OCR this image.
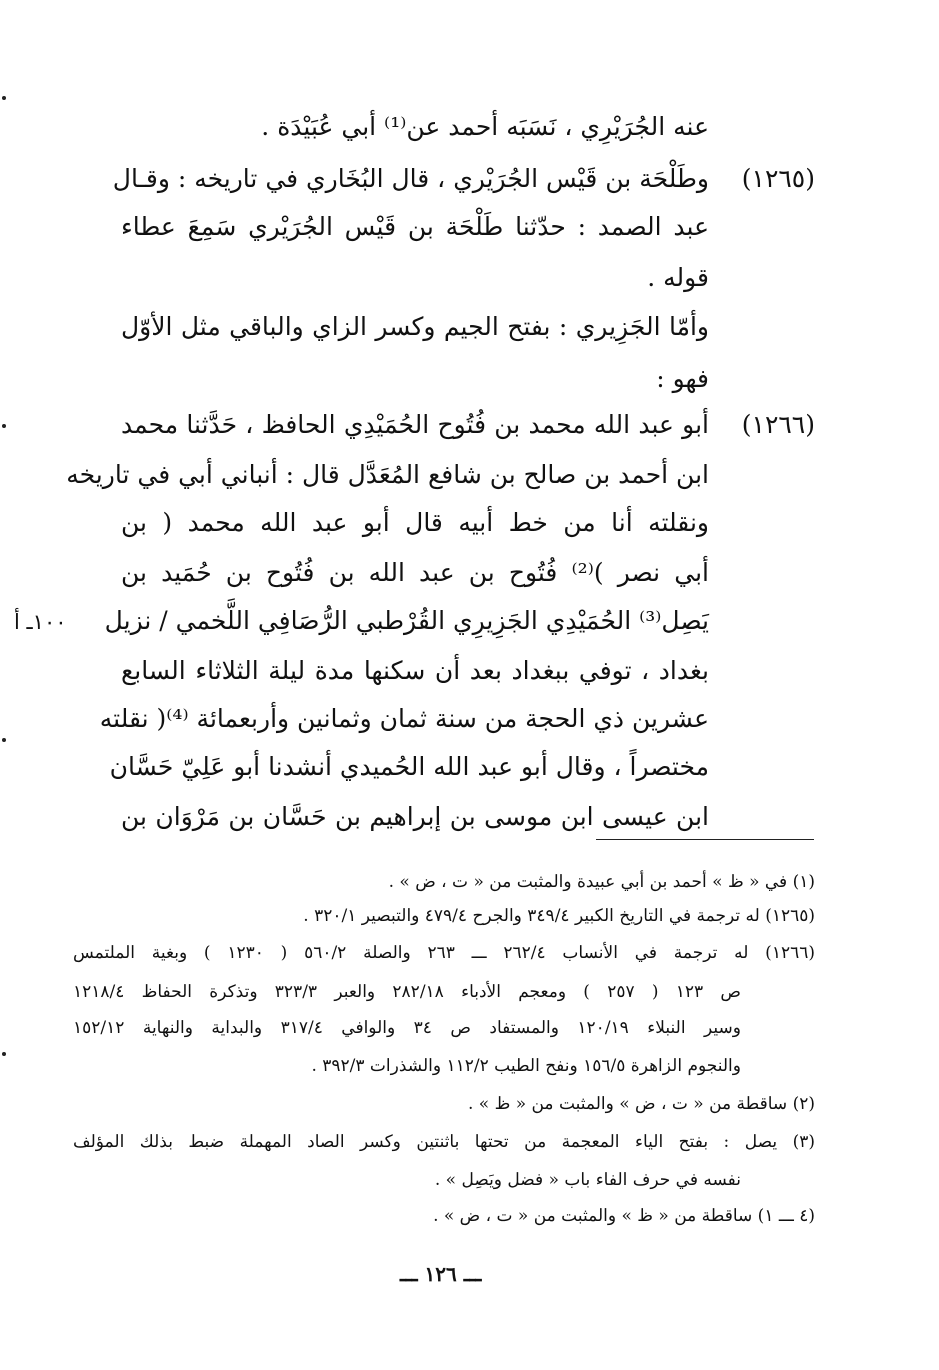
عنه الجُرَيْرِي ، نَسَبَه أحمد عن⁽¹⁾ أبي عُبَيْدَة .
وطَلْحَة بن قَيْس الجُرَيْري ، قال البُخَاري في تاريخه : وقـال
عبد الصمد : حدّثنا طَلْحَة بن قَيْس الجُرَيْري سَمِعَ عطاء
قوله .
وأمّا الجَزِيري : بفتح الجيم وكسر الزاي والباقي مثل الأوّل
فهو :
أبو عبد الله محمد بن فُتُوح الحُمَيْدِي الحافظ ، حَدَّثنا محمد
ابن أحمد بن صالح بن شافع المُعَدَّل قال : أنباني أبي في تاريخه
ونقلته أنا من خط أبيه قال أبو عبد الله محمد ( بن
أبي نصر )⁽²⁾ فُتُوح بن عبد الله بن فُتُوح بن حُمَيد بن
يَصِل⁽³⁾ الحُمَيْدِي الجَزِيرِي القُرْطبي الرُّصَافِي اللَّخمي / نزيل
بغداد ، توفي ببغداد بعد أن سكنها مدة ليلة الثلاثاء السابع
عشرين ذي الحجة من سنة ثمان وثمانين وأربعمائة ⁽⁴⁾( نقلته
مختصراً ، وقال أبو عبد الله الحُميدي أنشدنا أبو عَلِيّ حَسَّان
ابن عيسى ابن موسى بن إبراهيم بن حَسَّان بن مَرْوَان بن
(١٢٦٥)
(١٢٦٦)
١٠٠ـ أ
(١) في « ظ » أحمد بن أبي عبيدة والمثبت من « ت ، ض » .
(١٢٦٥) له ترجمة في التاريخ الكبير ٣٤٩/٤ والجرح ٤٧٩/٤ والتبصير ٣٢٠/١ .
(١٢٦٦) له ترجمة في الأنساب ٢٦٢/٤ ـــ ٢٦٣ والصلة ٥٦٠/٢ ( ١٢٣٠ ) وبغية الملتمس
ص ١٢٣ ( ٢٥٧ ) ومعجم الأدباء ٢٨٢/١٨ والعبر ٣٢٣/٣ وتذكرة الحفاظ ١٢١٨/٤
وسير النبلاء ١٢٠/١٩ والمستفاد ص ٣٤ والوافي ٣١٧/٤ والبداية والنهاية ١٥٢/١٢
والنجوم الزاهرة ١٥٦/٥ ونفح الطيب ١١٢/٢ والشذرات ٣٩٢/٣ .
(٢) ساقطة من « ت ، ض » والمثبت من « ظ » .
(٣) يصل : بفتح الياء المعجمة من تحتها باثنتين وكسر الصاد المهملة ضبط بذلك المؤلف
نفسه في حرف الفاء باب « فضل ويَصِل » .
(٤ ـــ ١) ساقطة من « ظ » والمثبت من « ت ، ض » .
ـــ ١٢٦ ـــ
